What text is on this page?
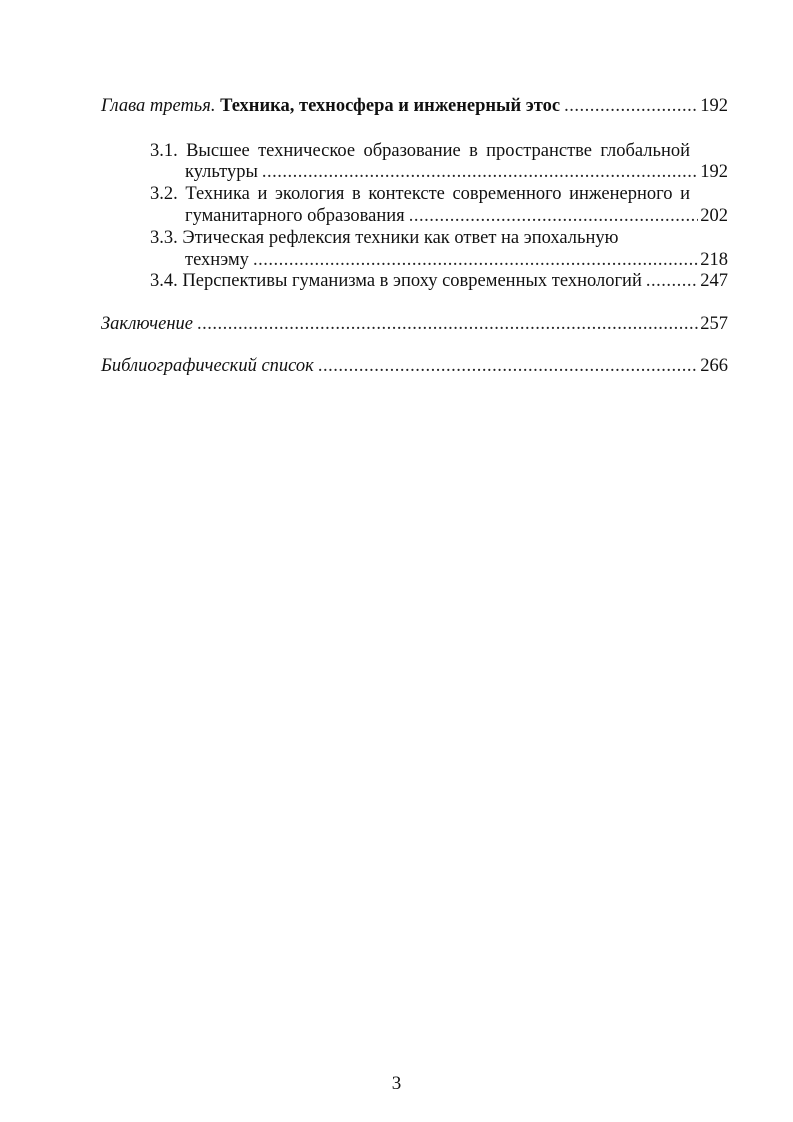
Глава третья. Техника, техносфера и инженерный этос .....	192
3.1. Высшее техническое образование в пространстве глобальной
культуры .....	192
3.2. Техника и экология в контексте современного инженерного и
гуманитарного образования .....	202
3.3. Этическая рефлексия техники как ответ на эпохальную
технэму .....	218
3.4. Перспективы гуманизма в эпоху современных технологий .....	247
Заключение .....	257
Библиографический список .....	266
3
